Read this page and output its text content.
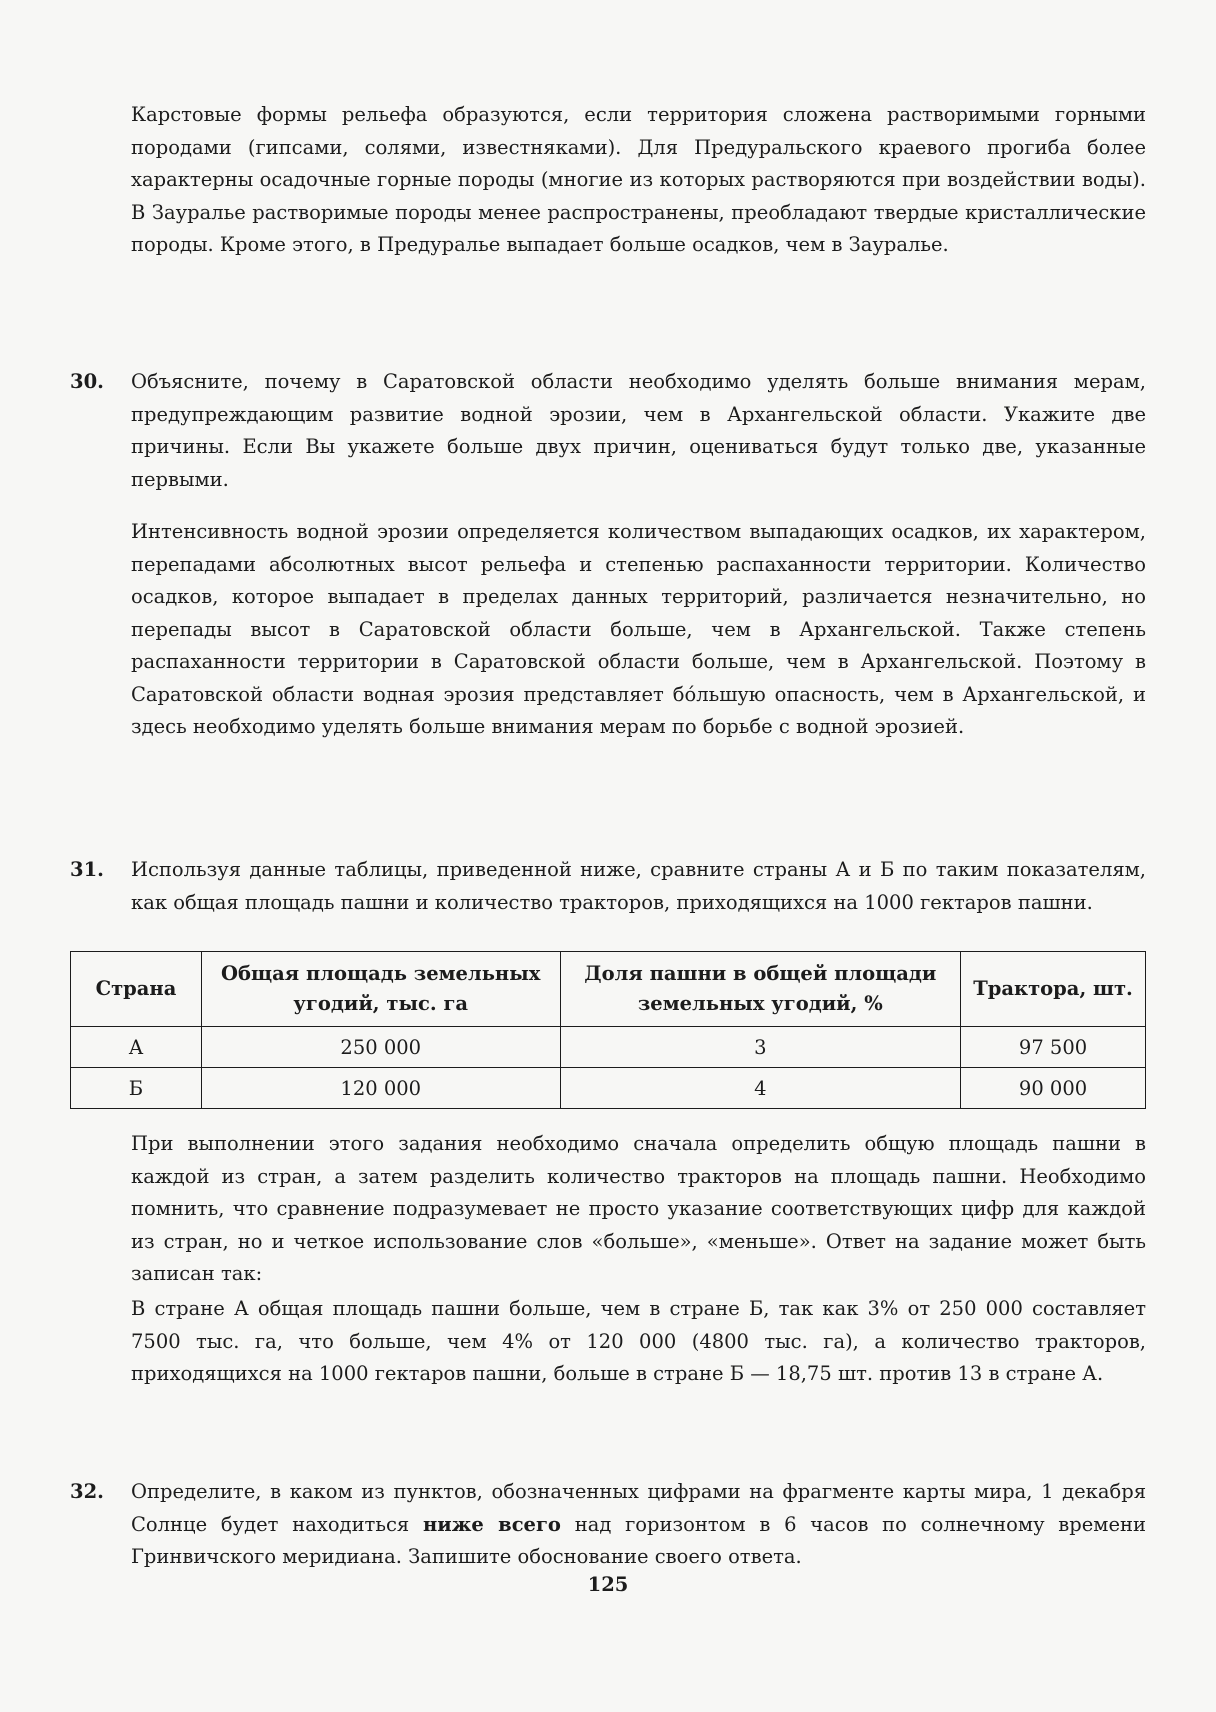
Карстовые формы рельефа образуются, если территория сложена растворимыми горными породами (гипсами, солями, известняками). Для Предуральского краевого прогиба более характерны осадочные горные породы (многие из которых растворяются при воздействии воды). В Зауралье растворимые породы менее распространены, преобладают твердые кристаллические породы. Кроме этого, в Предуралье выпадает больше осадков, чем в Зауралье.
30. Объясните, почему в Саратовской области необходимо уделять больше внимания мерам, предупреждающим развитие водной эрозии, чем в Архангельской области. Укажите две причины. Если Вы укажете больше двух причин, оцениваться будут только две, указанные первыми.
Интенсивность водной эрозии определяется количеством выпадающих осадков, их характером, перепадами абсолютных высот рельефа и степенью распаханности территории. Количество осадков, которое выпадает в пределах данных территорий, различается незначительно, но перепады высот в Саратовской области больше, чем в Архангельской. Также степень распаханности территории в Саратовской области больше, чем в Архангельской. Поэтому в Саратовской области водная эрозия представляет бо́льшую опасность, чем в Архангельской, и здесь необходимо уделять больше внимания мерам по борьбе с водной эрозией.
31. Используя данные таблицы, приведенной ниже, сравните страны А и Б по таким показателям, как общая площадь пашни и количество тракторов, приходящихся на 1000 гектаров пашни.
Страна	Общая площадь земельных угодий, тыс. га	Доля пашни в общей площади земельных угодий, %	Трактора, шт.
А	250 000	3	97 500
Б	120 000	4	90 000
При выполнении этого задания необходимо сначала определить общую площадь пашни в каждой из стран, а затем разделить количество тракторов на площадь пашни. Необходимо помнить, что сравнение подразумевает не просто указание соответствующих цифр для каждой из стран, но и четкое использование слов «больше», «меньше». Ответ на задание может быть записан так:
В стране А общая площадь пашни больше, чем в стране Б, так как 3% от 250 000 составляет 7500 тыс. га, что больше, чем 4% от 120 000 (4800 тыс. га), а количество тракторов, приходящихся на 1000 гектаров пашни, больше в стране Б — 18,75 шт. против 13 в стране А.
32. Определите, в каком из пунктов, обозначенных цифрами на фрагменте карты мира, 1 декабря Солнце будет находиться ниже всего над горизонтом в 6 часов по солнечному времени Гринвичского меридиана. Запишите обоснование своего ответа.
125
